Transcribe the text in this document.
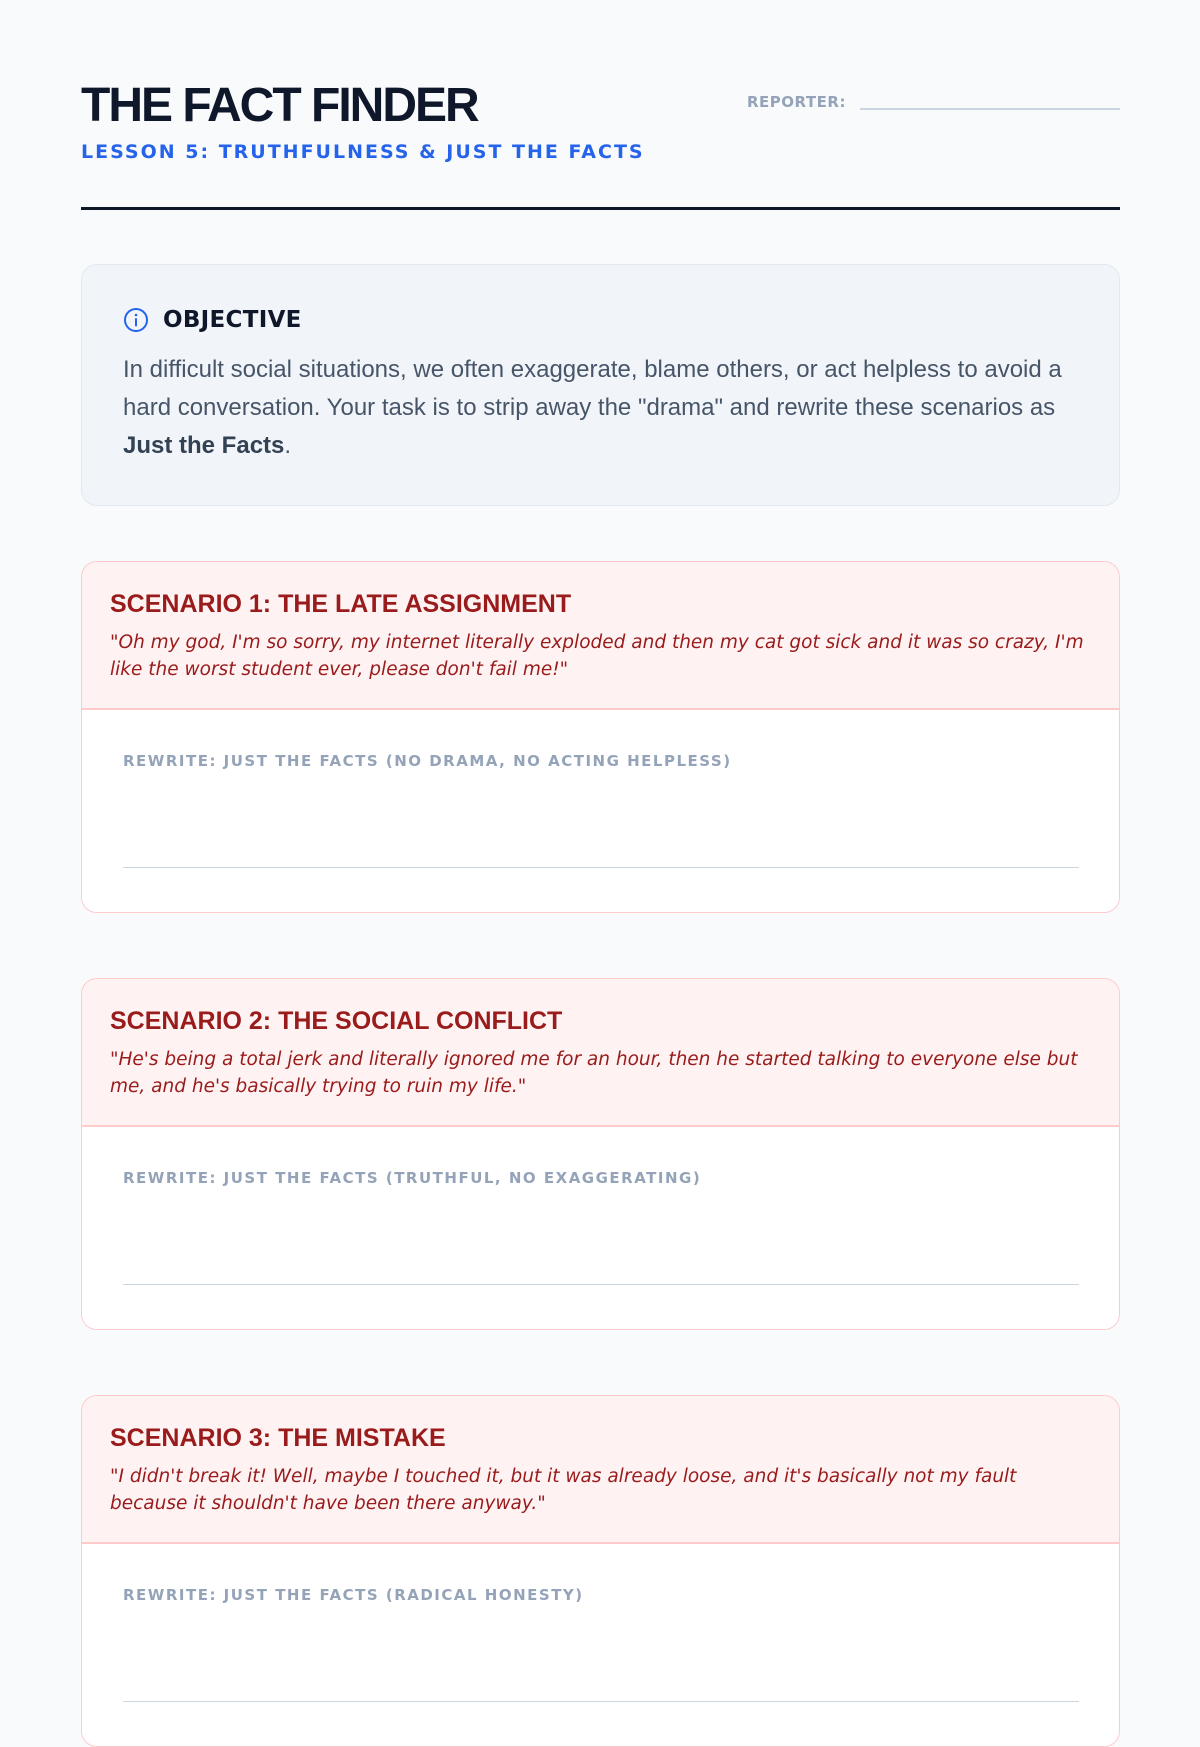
THE FACT FINDER
LESSON 5: TRUTHFULNESS & JUST THE FACTS
REPORTER:
OBJECTIVE
In difficult social situations, we often exaggerate, blame others, or act helpless to avoid a hard conversation. Your task is to strip away the "drama" and rewrite these scenarios as Just the Facts.
SCENARIO 1: THE LATE ASSIGNMENT
"Oh my god, I'm so sorry, my internet literally exploded and then my cat got sick and it was so crazy, I'm like the worst student ever, please don't fail me!"
REWRITE: JUST THE FACTS (NO DRAMA, NO ACTING HELPLESS)
SCENARIO 2: THE SOCIAL CONFLICT
"He's being a total jerk and literally ignored me for an hour, then he started talking to everyone else but me, and he's basically trying to ruin my life."
REWRITE: JUST THE FACTS (TRUTHFUL, NO EXAGGERATING)
SCENARIO 3: THE MISTAKE
"I didn't break it! Well, maybe I touched it, but it was already loose, and it's basically not my fault because it shouldn't have been there anyway."
REWRITE: JUST THE FACTS (RADICAL HONESTY)
